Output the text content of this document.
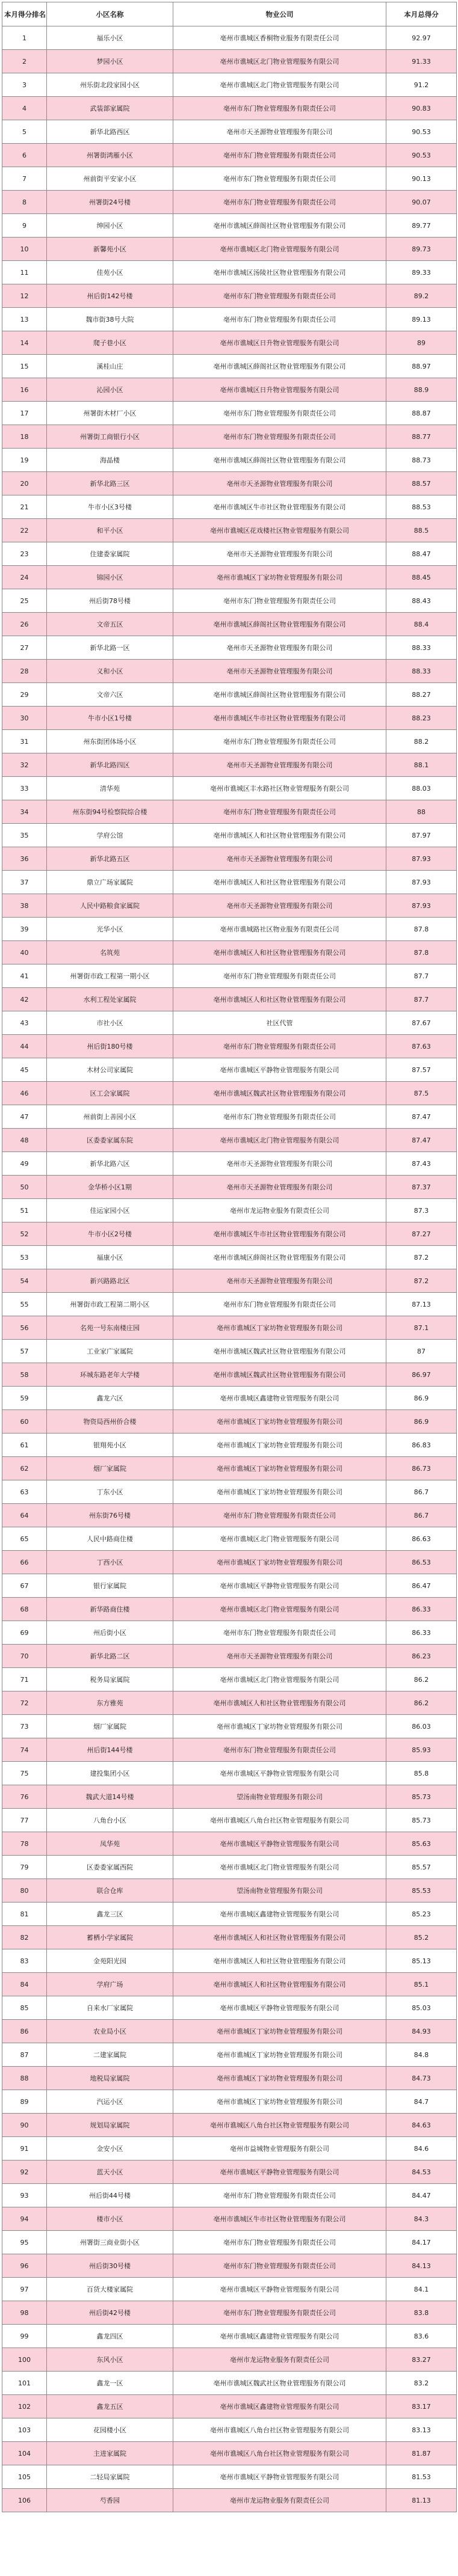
本月得分排名	小区名称	物业公司	本月总得分
1	福乐小区	亳州市谯城区香桐物业服务有限责任公司	92.97
2	梦园小区	亳州市谯城区北门物业管理服务有限公司	91.33
3	州乐街北段家园小区	亳州市谯城区北门物业管理服务有限公司	91.2
4	武装部家属院	亳州市东门物业管理服务有限责任公司	90.83
5	新华北路西区	亳州市天圣源物业管理服务有限公司	90.53
6	州署街鸿雁小区	亳州市东门物业管理服务有限责任公司	90.53
7	州前街平安家小区	亳州市东门物业管理服务有限责任公司	90.13
8	州署街24号楼	亳州市东门物业管理服务有限责任公司	90.07
9	绅园小区	亳州市谯城区薛阁社区物业管理服务有限公司	89.77
10	新馨苑小区	亳州市谯城区北门物业管理服务有限公司	89.73
11	佳苑小区	亳州市谯城区汤陵社区物业管理服务有限公司	89.33
12	州后街142号楼	亳州市东门物业管理服务有限责任公司	89.2
13	魏市街38号大院	亳州市东门物业管理服务有限责任公司	89.13
14	爬子巷小区	亳州市谯城区日升物业管理服务有限公司	89
15	溪桂山庄	亳州市谯城区薛阁社区物业管理服务有限公司	88.97
16	沁园小区	亳州市谯城区日升物业管理服务有限公司	88.9
17	州署街木材厂小区	亳州市东门物业管理服务有限责任公司	88.87
18	州署街工商银行小区	亳州市东门物业管理服务有限责任公司	88.77
19	海晶楼	亳州市谯城区薛阁社区物业管理服务有限公司	88.73
20	新华北路三区	亳州市天圣源物业管理服务有限公司	88.57
21	牛市小区3号楼	亳州市谯城区牛市社区物业管理服务有限公司	88.53
22	和平小区	亳州市谯城区花戏楼社区物业管理服务有限公司	88.5
23	住建委家属院	亳州市天圣源物业管理服务有限公司	88.47
24	锦园小区	亳州市谯城区丁家坊物业管理服务有限公司	88.45
25	州后街78号楼	亳州市东门物业管理服务有限责任公司	88.43
26	文帝五区	亳州市谯城区薛阁社区物业管理服务有限公司	88.4
27	新华北路一区	亳州市天圣源物业管理服务有限公司	88.33
28	义和小区	亳州市天圣源物业管理服务有限公司	88.33
29	文帝六区	亳州市谯城区薛阁社区物业管理服务有限公司	88.27
30	牛市小区1号楼	亳州市谯城区牛市社区物业管理服务有限公司	88.23
31	州东街团体场小区	亳州市东门物业管理服务有限责任公司	88.2
32	新华北路四区	亳州市天圣源物业管理服务有限公司	88.1
33	清华苑	亳州市谯城区丰水路社区物业管理服务有限公司	88.03
34	州东街94号检察院综合楼	亳州市东门物业管理服务有限责任公司	88
35	学府公馆	亳州市谯城区人和社区物业管理服务有限公司	87.97
36	新华北路五区	亳州市天圣源物业管理服务有限公司	87.93
37	鼎立广场家属院	亳州市谯城区人和社区物业管理服务有限公司	87.93
38	人民中路粮食家属院	亳州市天圣源物业管理服务有限公司	87.93
39	光华小区	亳州市谯城路社区物业服务有限责任公司	87.8
40	名筑苑	亳州市谯城区人和社区物业管理服务有限公司	87.8
41	州署街市政工程第一期小区	亳州市东门物业管理服务有限责任公司	87.7
42	水利工程处家属院	亳州市谯城区人和社区物业管理服务有限公司	87.7
43	市社小区	社区代管	87.67
44	州后街180号楼	亳州市东门物业管理服务有限责任公司	87.63
45	木材公司家属院	亳州市谯城区平静物业管理服务有限公司	87.57
46	区工会家属院	亳州市谯城区魏武社区物业管理服务有限公司	87.5
47	州前街上善园小区	亳州市东门物业管理服务有限责任公司	87.47
48	区委委家属东院	亳州市谯城区北门物业管理服务有限公司	87.47
49	新华北路六区	亳州市天圣源物业管理服务有限公司	87.43
50	金华桥小区1期	亳州市天圣源物业管理服务有限公司	87.37
51	佳运家园小区	亳州市龙运物业服务有限责任公司	87.3
52	牛市小区2号楼	亳州市谯城区牛市社区物业管理服务有限公司	87.27
53	福康小区	亳州市谯城区薛阁社区物业管理服务有限公司	87.2
54	新兴路路北区	亳州市天圣源物业管理服务有限公司	87.2
55	州署街市政工程第二期小区	亳州市东门物业管理服务有限责任公司	87.13
56	名苑一号东南楼庄园	亳州市谯城区丁家坊物业管理服务有限公司	87.1
57	工业家广家属院	亳州市谯城区魏武社区物业管理服务有限公司	87
58	环城东路老年大学楼	亳州市谯城区魏武社区物业管理服务有限公司	86.97
59	鑫龙六区	亳州市谯城区鑫建物业管理服务有限公司	86.9
60	物资局西州侨合楼	亳州市谯城区丁家坊物业管理服务有限公司	86.9
61	银翔苑小区	亳州市谯城区丁家坊物业管理服务有限公司	86.83
62	烟厂家属院	亳州市谯城区丁家坊物业管理服务有限公司	86.73
63	丁东小区	亳州市谯城区丁家坊物业管理服务有限公司	86.7
64	州东街76号楼	亳州市东门物业管理服务有限责任公司	86.7
65	人民中路商住楼	亳州市谯城区北门物业管理服务有限公司	86.63
66	丁西小区	亳州市谯城区丁家坊物业管理服务有限公司	86.53
67	银行家属院	亳州市谯城区平静物业管理服务有限公司	86.47
68	新华路商住楼	亳州市谯城区北门物业管理服务有限公司	86.33
69	州后街小区	亳州市东门物业管理服务有限责任公司	86.33
70	新华北路二区	亳州市天圣源物业管理服务有限公司	86.23
71	税务局家属院	亳州市谯城区北门物业管理服务有限公司	86.2
72	东方雅苑	亳州市谯城区人和社区物业管理服务有限公司	86.2
73	烟厂家属院	亳州市谯城区丁家坊物业管理服务有限公司	86.03
74	州后街144号楼	亳州市东门物业管理服务有限责任公司	85.93
75	建投集团小区	亳州市谯城区平静物业管理服务有限公司	85.8
76	魏武大道14号楼	望汤南物业管理服务有限公司	85.73
77	八角台小区	亳州市谯城区八角台社区物业管理服务有限公司	85.73
78	凤华苑	亳州市谯城区平静物业管理服务有限公司	85.63
79	区委委家属西院	亳州市谯城区北门物业管理服务有限公司	85.57
80	联合仓库	望汤南物业管理服务有限公司	85.53
81	鑫龙三区	亳州市谯城区鑫建物业管理服务有限公司	85.23
82	蓄栖小学家属院	亳州市谯城区人和社区物业管理服务有限公司	85.2
83	金苑阳光园	亳州市谯城区人和社区物业管理服务有限公司	85.13
84	学府广场	亳州市谯城区人和社区物业管理服务有限公司	85.1
85	自来水厂家属院	亳州市谯城区平静物业管理服务有限公司	85.03
86	农业局小区	亳州市谯城区丁家坊物业管理服务有限公司	84.93
87	二建家属院	亳州市谯城区丁家坊物业管理服务有限公司	84.8
88	地税局家属院	亳州市谯城区丁家坊物业管理服务有限公司	84.73
89	汽运小区	亳州市谯城区丁家坊物业管理服务有限公司	84.7
90	规划局家属院	亳州市谯城区八角台社区物业管理服务有限公司	84.63
91	金安小区	亳州市益城物业管理服务有限公司	84.6
92	蓝天小区	亳州市谯城区平静物业管理服务有限公司	84.53
93	州后街44号楼	亳州市东门物业管理服务有限责任公司	84.47
94	楼市小区	亳州市谯城区牛市社区物业管理服务有限公司	84.3
95	州署街三商业街小区	亳州市东门物业管理服务有限责任公司	84.17
96	州后街30号楼	亳州市东门物业管理服务有限责任公司	84.13
97	百货大楼家属院	亳州市谯城区平静物业管理服务有限公司	84.1
98	州后街42号楼	亳州市东门物业管理服务有限责任公司	83.8
99	鑫龙四区	亳州市谯城区鑫建物业管理服务有限公司	83.6
100	东风小区	亳州市龙运物业服务有限责任公司	83.27
101	鑫龙一区	亳州市谯城区魏武社区物业管理服务有限公司	83.2
102	鑫龙五区	亳州市谯城区鑫建物业管理服务有限公司	83.17
103	花园楼小区	亳州市谯城区八角台社区物业管理服务有限公司	83.13
104	主进家属院	亳州市谯城区八角台社区物业管理服务有限公司	81.87
105	二轻局家属院	亳州市谯城区平静物业管理服务有限公司	81.53
106	芍香园	亳州市龙运物业服务有限责任公司	81.13
